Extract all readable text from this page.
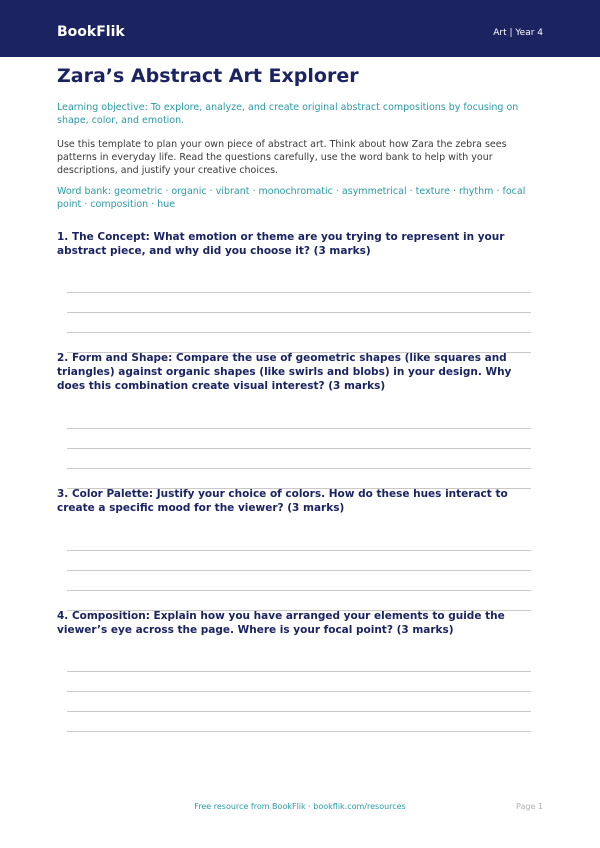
BookFlik	Art | Year 4
Zara’s Abstract Art Explorer

Learning objective: To explore, analyze, and create original abstract compositions by focusing on shape, color, and emotion.

Use this template to plan your own piece of abstract art. Think about how Zara the zebra sees patterns in everyday life. Read the questions carefully, use the word bank to help with your descriptions, and justify your creative choices.

Word bank: geometric · organic · vibrant · monochromatic · asymmetrical · texture · rhythm · focal point · composition · hue

1. The Concept: What emotion or theme are you trying to represent in your abstract piece, and why did you choose it? (3 marks)

2. Form and Shape: Compare the use of geometric shapes (like squares and triangles) against organic shapes (like swirls and blobs) in your design. Why does this combination create visual interest? (3 marks)

3. Color Palette: Justify your choice of colors. How do these hues interact to create a specific mood for the viewer? (3 marks)

4. Composition: Explain how you have arranged your elements to guide the viewer’s eye across the page. Where is your focal point? (3 marks)

Free resource from BookFlik · bookflik.com/resources	Page 1
